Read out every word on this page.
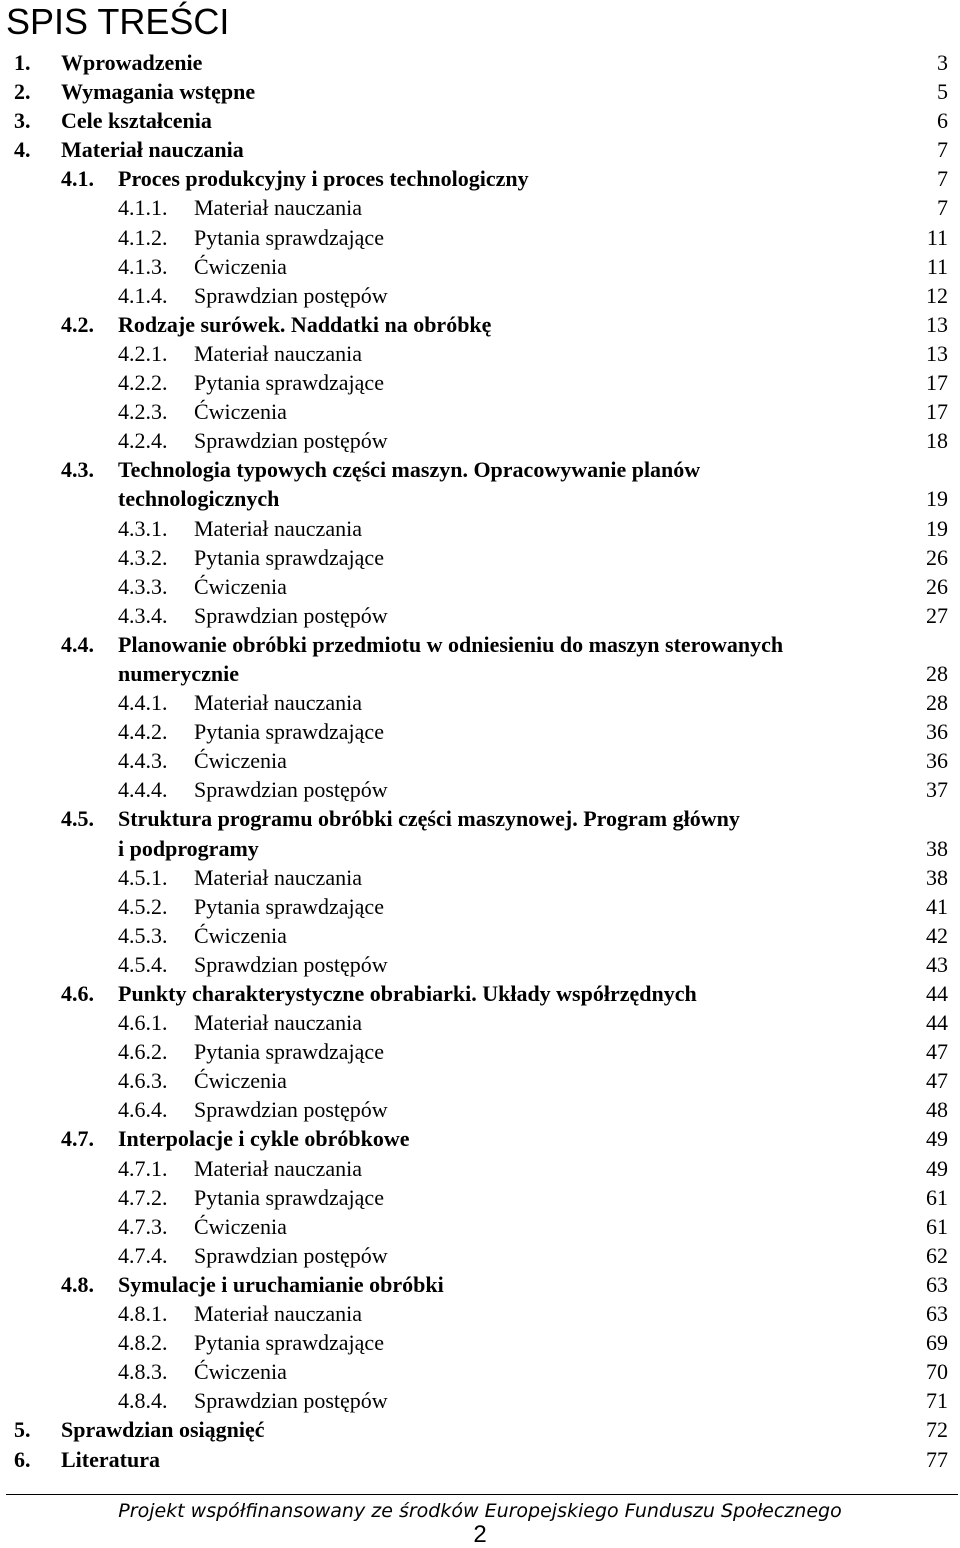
SPIS TREŚCI
1. Wprowadzenie	3
2. Wymagania wstępne	5
3. Cele kształcenia	6
4. Materiał nauczania	7
4.1. Proces produkcyjny i proces technologiczny	7
4.1.1. Materiał nauczania	7
4.1.2. Pytania sprawdzające	11
4.1.3. Ćwiczenia	11
4.1.4. Sprawdzian postępów	12
4.2. Rodzaje surówek. Naddatki na obróbkę	13
4.2.1. Materiał nauczania	13
4.2.2. Pytania sprawdzające	17
4.2.3. Ćwiczenia	17
4.2.4. Sprawdzian postępów	18
4.3. Technologia typowych części maszyn. Opracowywanie planów
technologicznych	19
4.3.1. Materiał nauczania	19
4.3.2. Pytania sprawdzające	26
4.3.3. Ćwiczenia	26
4.3.4. Sprawdzian postępów	27
4.4. Planowanie obróbki przedmiotu w odniesieniu do maszyn sterowanych
numerycznie	28
4.4.1. Materiał nauczania	28
4.4.2. Pytania sprawdzające	36
4.4.3. Ćwiczenia	36
4.4.4. Sprawdzian postępów	37
4.5. Struktura programu obróbki części maszynowej. Program główny
i podprogramy	38
4.5.1. Materiał nauczania	38
4.5.2. Pytania sprawdzające	41
4.5.3. Ćwiczenia	42
4.5.4. Sprawdzian postępów	43
4.6. Punkty charakterystyczne obrabiarki. Układy współrzędnych	44
4.6.1. Materiał nauczania	44
4.6.2. Pytania sprawdzające	47
4.6.3. Ćwiczenia	47
4.6.4. Sprawdzian postępów	48
4.7. Interpolacje i cykle obróbkowe	49
4.7.1. Materiał nauczania	49
4.7.2. Pytania sprawdzające	61
4.7.3. Ćwiczenia	61
4.7.4. Sprawdzian postępów	62
4.8. Symulacje i uruchamianie obróbki	63
4.8.1. Materiał nauczania	63
4.8.2. Pytania sprawdzające	69
4.8.3. Ćwiczenia	70
4.8.4. Sprawdzian postępów	71
5. Sprawdzian osiągnięć	72
6. Literatura	77
Projekt współfinansowany ze środków Europejskiego Funduszu Społecznego
2
